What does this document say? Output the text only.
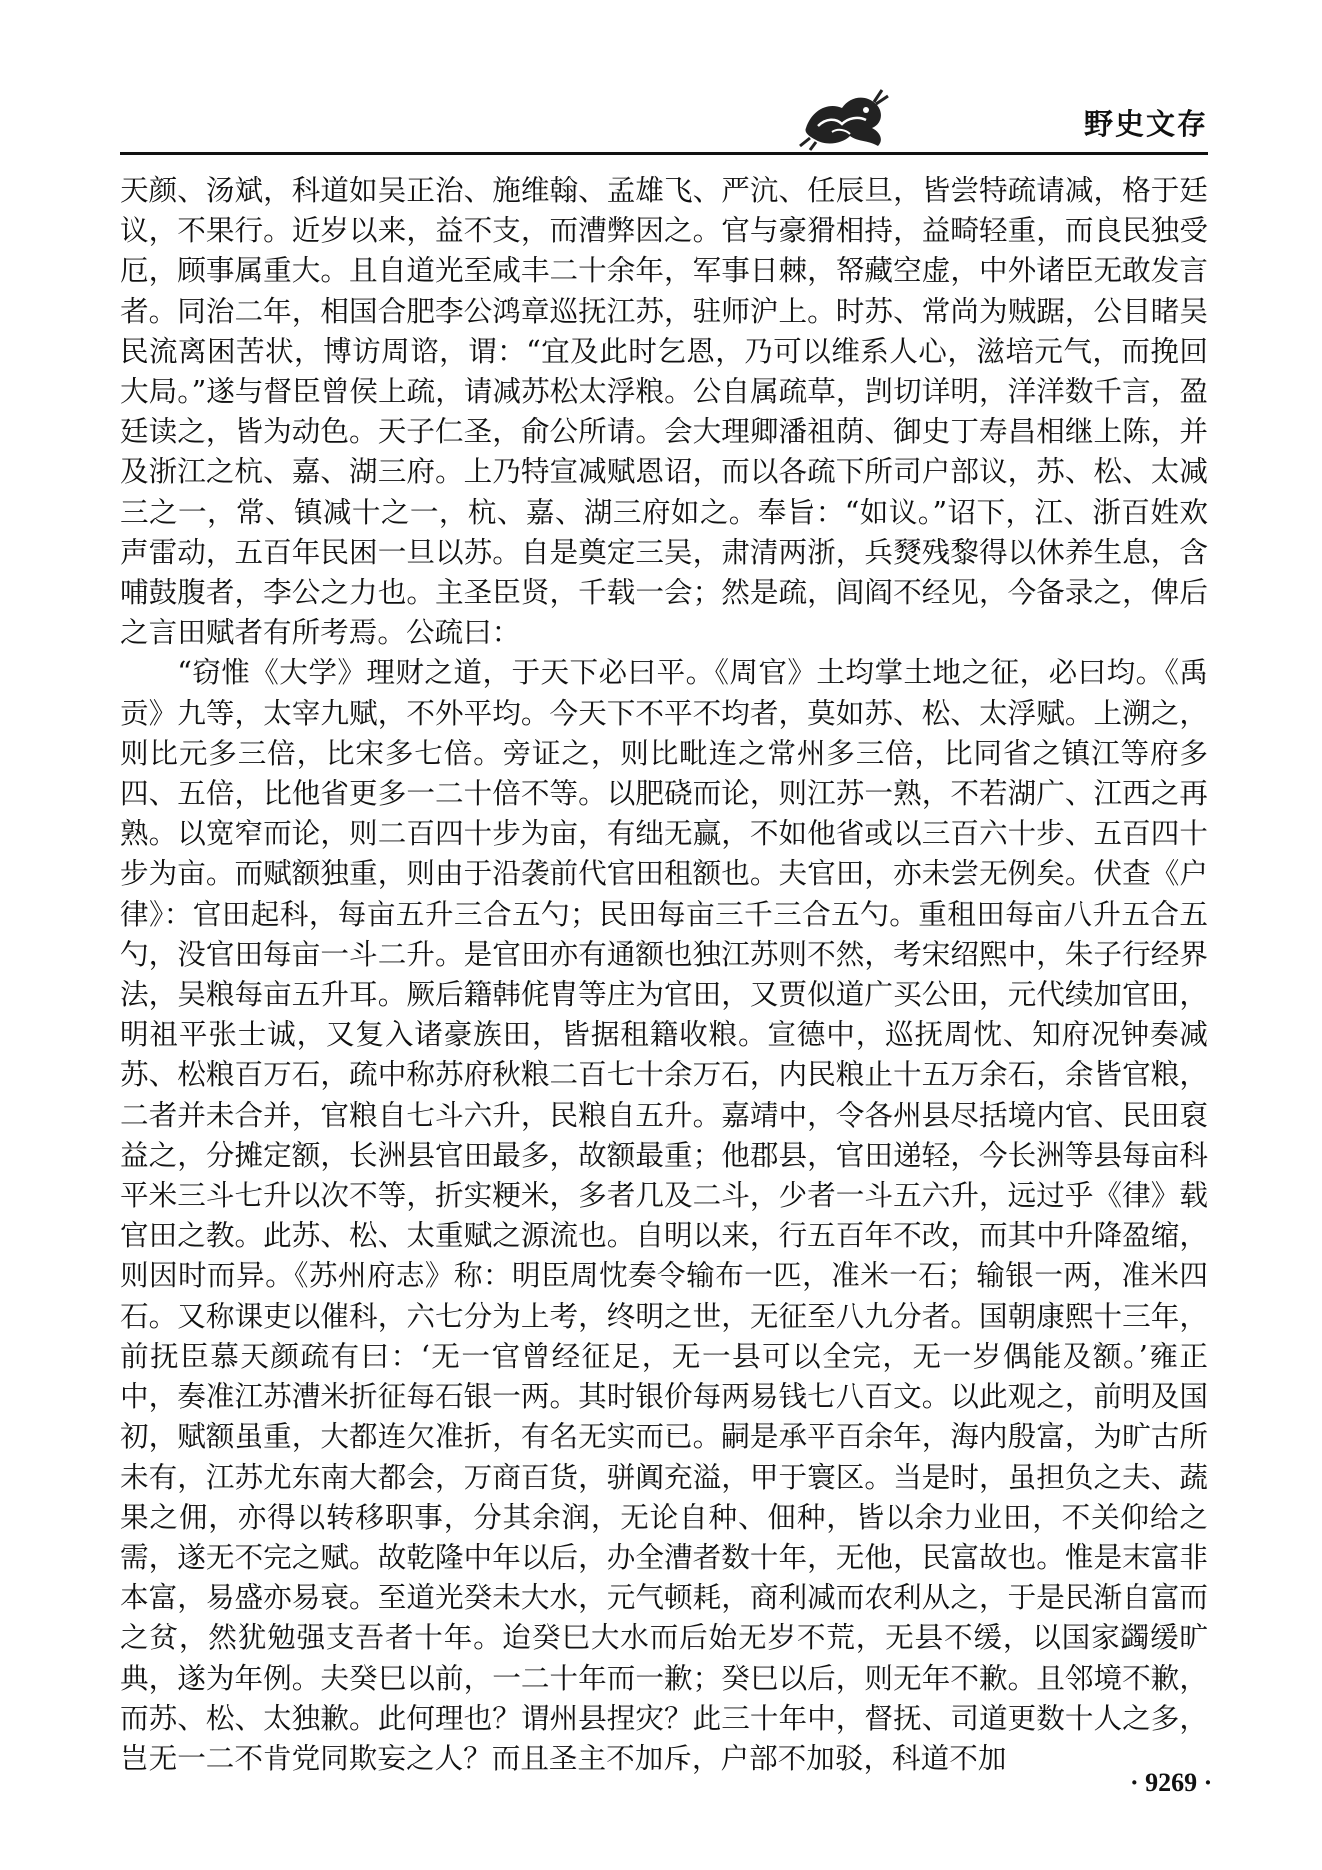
野史文存

天颜、汤斌，科道如吴正治、施维翰、孟雄飞、严沆、任辰旦，皆尝特疏请减，格于廷议，不果行。近岁以来，益不支，而漕弊因之。官与豪猾相持，益畸轻重，而良民独受厄，顾事属重大。且自道光至咸丰二十余年，军事日棘，帑藏空虚，中外诸臣无敢发言者。同治二年，相国合肥李公鸿章巡抚江苏，驻师沪上。时苏、常尚为贼踞，公目睹吴民流离困苦状，博访周谘，谓：“宜及此时乞恩，乃可以维系人心，滋培元气，而挽回大局。”遂与督臣曾侯上疏，请减苏松太浮粮。公自属疏草，剀切详明，洋洋数千言，盈廷读之，皆为动色。天子仁圣，俞公所请。会大理卿潘祖荫、御史丁寿昌相继上陈，并及浙江之杭、嘉、湖三府。上乃特宣减赋恩诏，而以各疏下所司户部议，苏、松、太减三之一，常、镇减十之一，杭、嘉、湖三府如之。奉旨：“如议。”诏下，江、浙百姓欢声雷动，五百年民困一旦以苏。自是奠定三吴，肃清两浙，兵燹残黎得以休养生息，含哺鼓腹者，李公之力也。主圣臣贤，千载一会；然是疏，闾阎不经见，今备录之，俾后之言田赋者有所考焉。公疏曰：

“窃惟《大学》理财之道，于天下必曰平。《周官》土均掌土地之征，必曰均。《禹贡》九等，太宰九赋，不外平均。今天下不平不均者，莫如苏、松、太浮赋。上溯之，则比元多三倍，比宋多七倍。旁证之，则比毗连之常州多三倍，比同省之镇江等府多四、五倍，比他省更多一二十倍不等。以肥硗而论，则江苏一熟，不若湖广、江西之再熟。以宽窄而论，则二百四十步为亩，有绌无赢，不如他省或以三百六十步、五百四十步为亩。而赋额独重，则由于沿袭前代官田租额也。夫官田，亦未尝无例矣。伏查《户律》：官田起科，每亩五升三合五勺；民田每亩三千三合五勺。重租田每亩八升五合五勺，没官田每亩一斗二升。是官田亦有通额也独江苏则不然，考宋绍熙中，朱子行经界法，吴粮每亩五升耳。厥后籍韩侂胄等庄为官田，又贾似道广买公田，元代续加官田，明祖平张士诚，又复入诸豪族田，皆据租籍收粮。宣德中，巡抚周忱、知府况钟奏减苏、松粮百万石，疏中称苏府秋粮二百七十余万石，内民粮止十五万余石，余皆官粮，二者并未合并，官粮自七斗六升，民粮自五升。嘉靖中，令各州县尽括境内官、民田裒益之，分摊定额，长洲县官田最多，故额最重；他郡县，官田递轻，今长洲等县每亩科平米三斗七升以次不等，折实粳米，多者几及二斗，少者一斗五六升，远过乎《律》载官田之教。此苏、松、太重赋之源流也。自明以来，行五百年不改，而其中升降盈缩，则因时而异。《苏州府志》称：明臣周忱奏令输布一匹，准米一石；输银一两，准米四石。又称课吏以催科，六七分为上考，终明之世，无征至八九分者。国朝康熙十三年，前抚臣慕天颜疏有曰：‘无一官曾经征足，无一县可以全完，无一岁偶能及额。’雍正中，奏准江苏漕米折征每石银一两。其时银价每两易钱七八百文。以此观之，前明及国初，赋额虽重，大都连欠准折，有名无实而已。嗣是承平百余年，海内殷富，为旷古所未有，江苏尤东南大都会，万商百货，骈阗充溢，甲于寰区。当是时，虽担负之夫、蔬果之佣，亦得以转移职事，分其余润，无论自种、佃种，皆以余力业田，不关仰给之需，遂无不完之赋。故乾隆中年以后，办全漕者数十年，无他，民富故也。惟是末富非本富，易盛亦易衰。至道光癸未大水，元气顿耗，商利减而农利从之，于是民渐自富而之贫，然犹勉强支吾者十年。迨癸巳大水而后始无岁不荒，无县不缓，以国家蠲缓旷典，遂为年例。夫癸巳以前，一二十年而一歉；癸巳以后，则无年不歉。且邻境不歉，而苏、松、太独歉。此何理也？谓州县捏灾？此三十年中，督抚、司道更数十人之多，岂无一二不肯党同欺妄之人？而且圣主不加斥，户部不加驳，科道不加

· 9269 ·
